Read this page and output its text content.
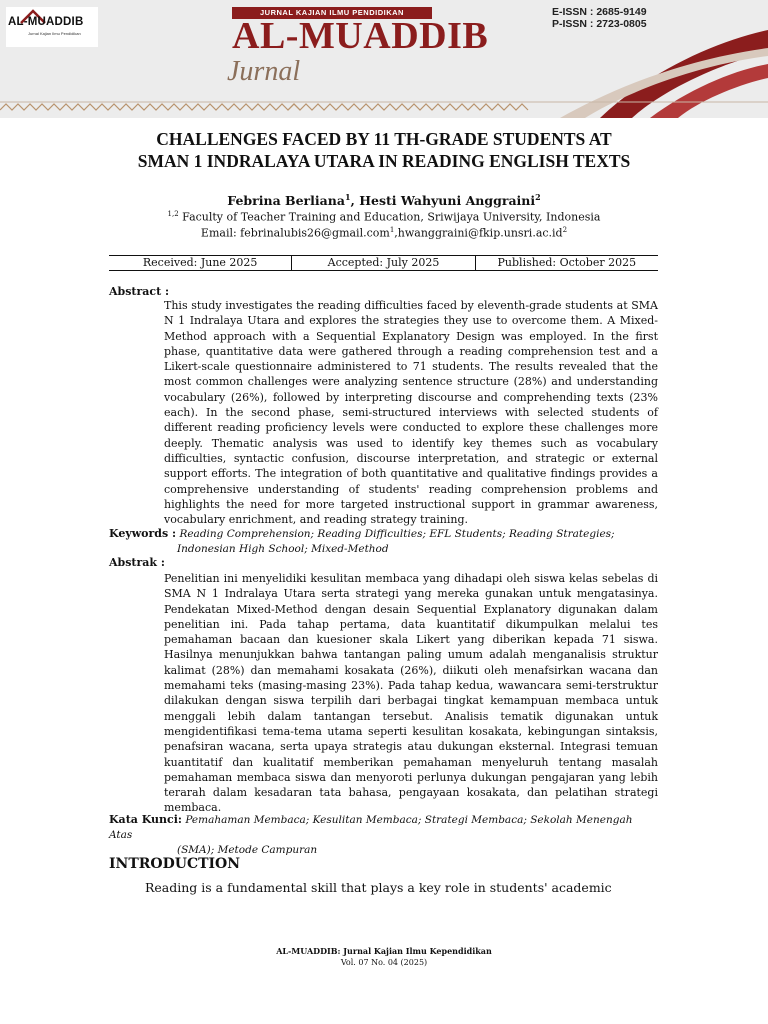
AL-MUADDIB
Jurnal Kajian Ilmu Pendidikan
JURNAL KAJIAN ILMU PENDIDIKAN
AL-MUADDIB
Jurnal
E-ISSN : 2685-9149
P-ISSN : 2723-0805
CHALLENGES FACED BY 11 TH-GRADE STUDENTS AT
SMAN 1 INDRALAYA UTARA IN READING ENGLISH TEXTS
Febrina Berliana$^1$, Hesti Wahyuni Anggraini$^2$
$^{1,2}$ Faculty of Teacher Training and Education, Sriwijaya University, Indonesia
Email: $febrinalubis26@gmail.com^1,hwanggraini@fkip.unsri.ac.id^2$
Received: June 2025	Accepted: July 2025	Published: October 2025
Abstract :
This study investigates the reading difficulties faced by eleventh-grade students at SMA N 1 Indralaya Utara and explores the strategies they use to overcome them. A Mixed-Method approach with a Sequential Explanatory Design was employed. In the first phase, quantitative data were gathered through a reading comprehension test and a Likert-scale questionnaire administered to 71 students. The results revealed that the most common challenges were analyzing sentence structure (28%) and understanding vocabulary (26%), followed by interpreting discourse and comprehending texts (23% each). In the second phase, semi-structured interviews with selected students of different reading proficiency levels were conducted to explore these challenges more deeply. Thematic analysis was used to identify key themes such as vocabulary difficulties, syntactic confusion, discourse interpretation, and strategic or external support efforts. The integration of both quantitative and qualitative findings provides a comprehensive understanding of students' reading comprehension problems and highlights the need for more targeted instructional support in grammar awareness, vocabulary enrichment, and reading strategy training.
Keywords : Reading Comprehension; Reading Difficulties; EFL Students; Reading Strategies;
Indonesian High School; Mixed-Method
Abstrak :
Penelitian ini menyelidiki kesulitan membaca yang dihadapi oleh siswa kelas sebelas di SMA N 1 Indralaya Utara serta strategi yang mereka gunakan untuk mengatasinya. Pendekatan Mixed-Method dengan desain Sequential Explanatory digunakan dalam penelitian ini. Pada tahap pertama, data kuantitatif dikumpulkan melalui tes pemahaman bacaan dan kuesioner skala Likert yang diberikan kepada 71 siswa. Hasilnya menunjukkan bahwa tantangan paling umum adalah menganalisis struktur kalimat (28%) dan memahami kosakata (26%), diikuti oleh menafsirkan wacana dan memahami teks (masing-masing 23%). Pada tahap kedua, wawancara semi-terstruktur dilakukan dengan siswa terpilih dari berbagai tingkat kemampuan membaca untuk menggali lebih dalam tantangan tersebut. Analisis tematik digunakan untuk mengidentifikasi tema-tema utama seperti kesulitan kosakata, kebingungan sintaksis, penafsiran wacana, serta upaya strategis atau dukungan eksternal. Integrasi temuan kuantitatif dan kualitatif memberikan pemahaman menyeluruh tentang masalah pemahaman membaca siswa dan menyoroti perlunya dukungan pengajaran yang lebih terarah dalam kesadaran tata bahasa, pengayaan kosakata, dan pelatihan strategi membaca.
Kata Kunci: Pemahaman Membaca; Kesulitan Membaca; Strategi Membaca; Sekolah Menengah Atas
(SMA); Metode Campuran
INTRODUCTION
Reading is a fundamental skill that plays a key role in students' academic
AL-MUADDIB: Jurnal Kajian Ilmu Kependidikan
Vol. 07 No. 04 (2025)
